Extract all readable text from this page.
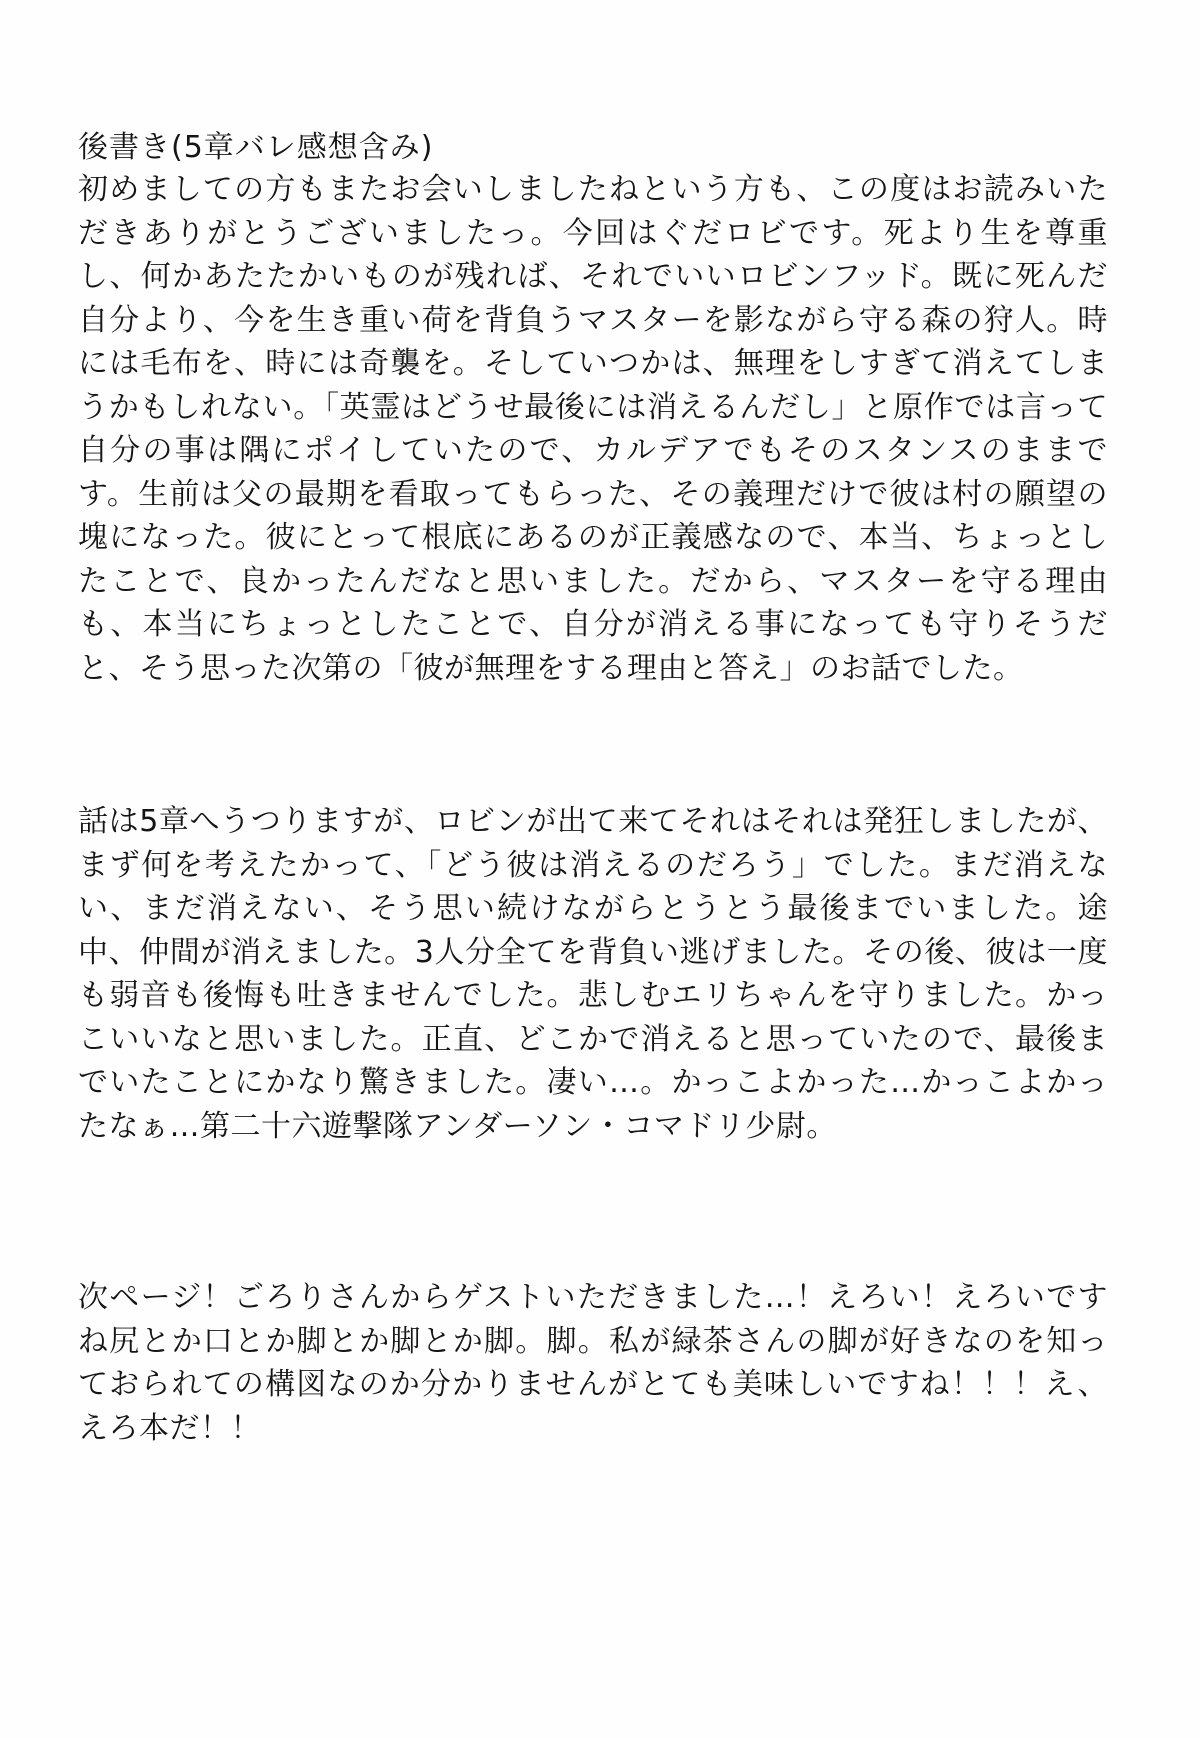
後書き(5章バレ感想含み)
初めましての方もまたお会いしましたねという方も、この度はお読みいただきありがとうございましたっ。今回はぐだロビです。死より生を尊重し、何かあたたかいものが残れば、それでいいロビンフッド。既に死んだ自分より、今を生き重い荷を背負うマスターを影ながら守る森の狩人。時には毛布を、時には奇襲を。そしていつかは、無理をしすぎて消えてしまうかもしれない。「英霊はどうせ最後には消えるんだし」と原作では言って自分の事は隅にポイしていたので、カルデアでもそのスタンスのままです。生前は父の最期を看取ってもらった、その義理だけで彼は村の願望の塊になった。彼にとって根底にあるのが正義感なので、本当、ちょっとしたことで、良かったんだなと思いました。だから、マスターを守る理由も、本当にちょっとしたことで、自分が消える事になっても守りそうだと、そう思った次第の「彼が無理をする理由と答え」のお話でした。
話は5章へうつりますが、ロビンが出て来てそれはそれは発狂しましたが、まず何を考えたかって、「どう彼は消えるのだろう」でした。まだ消えない、まだ消えない、そう思い続けながらとうとう最後までいました。途中、仲間が消えました。3人分全てを背負い逃げました。その後、彼は一度も弱音も後悔も吐きませんでした。悲しむエリちゃんを守りました。かっこいいなと思いました。正直、どこかで消えると思っていたので、最後までいたことにかなり驚きました。凄い…。かっこよかった…かっこよかったなぁ…第二十六遊撃隊アンダーソン・コマドリ少尉。
次ページ！ごろりさんからゲストいただきました…！えろい！えろいですね尻とか口とか脚とか脚とか脚。脚。私が緑茶さんの脚が好きなのを知っておられての構図なのか分かりませんがとても美味しいですね！！！え、えろ本だ！！
